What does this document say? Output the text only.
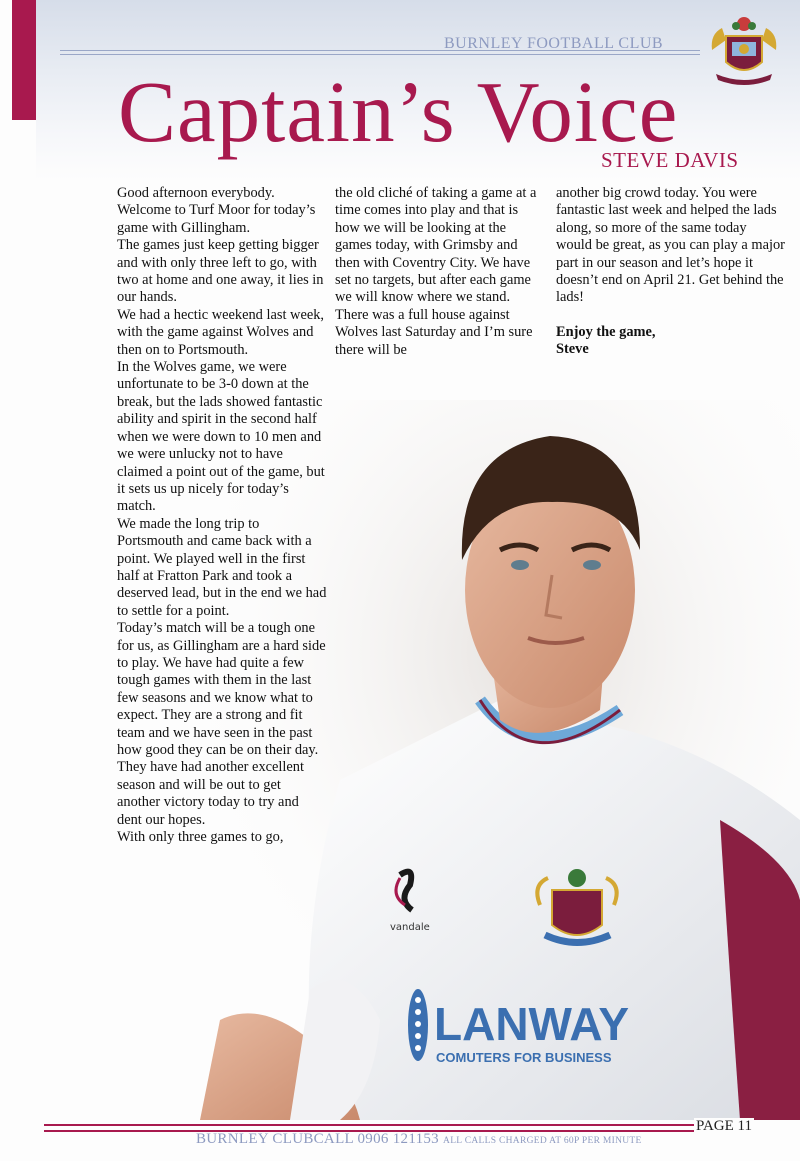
BURNLEY FOOTBALL CLUB
Captain’s Voice
STEVE DAVIS
vandale
LANWAY
COMUTERS FOR BUSINESS

Good afternoon everybody. Welcome to Turf Moor for today’s game with Gillingham.

The games just keep getting bigger and with only three left to go, with two at home and one away, it lies in our hands.

We had a hectic weekend last week, with the game against Wolves and then on to Portsmouth.

In the Wolves game, we were unfortunate to be 3-0 down at the break, but the lads showed fantastic ability and spirit in the second half when we were down to 10 men and we were unlucky not to have claimed a point out of the game, but it sets us up nicely for today’s match.

We made the long trip to Portsmouth and came back with a point. We played well in the first half at Fratton Park and took a deserved lead, but in the end we had to settle for a point.

Today’s match will be a tough one for us, as Gillingham are a hard side to play. We have had quite a few tough games with them in the last few seasons and we know what to expect. They are a strong and fit team and we have seen in the past how good they can be on their day. They have had another excellent season and will be out to get another victory today to try and dent our hopes.

With only three games to go,

the old cliché of taking a game at a time comes into play and that is how we will be looking at the games today, with Grimsby and then with Coventry City. We have set no targets, but after each game we will know where we stand.

There was a full house against Wolves last Saturday and I’m sure there will be

another big crowd today. You were fantastic last week and helped the lads along, so more of the same today would be great, as you can play a major part in our season and let’s hope it doesn’t end on April 21. Get behind the lads!

Enjoy the game,

Steve

BURNLEY CLUBCALL 0906 121153 ALL CALLS CHARGED AT 60P PER MINUTE
PAGE 11
